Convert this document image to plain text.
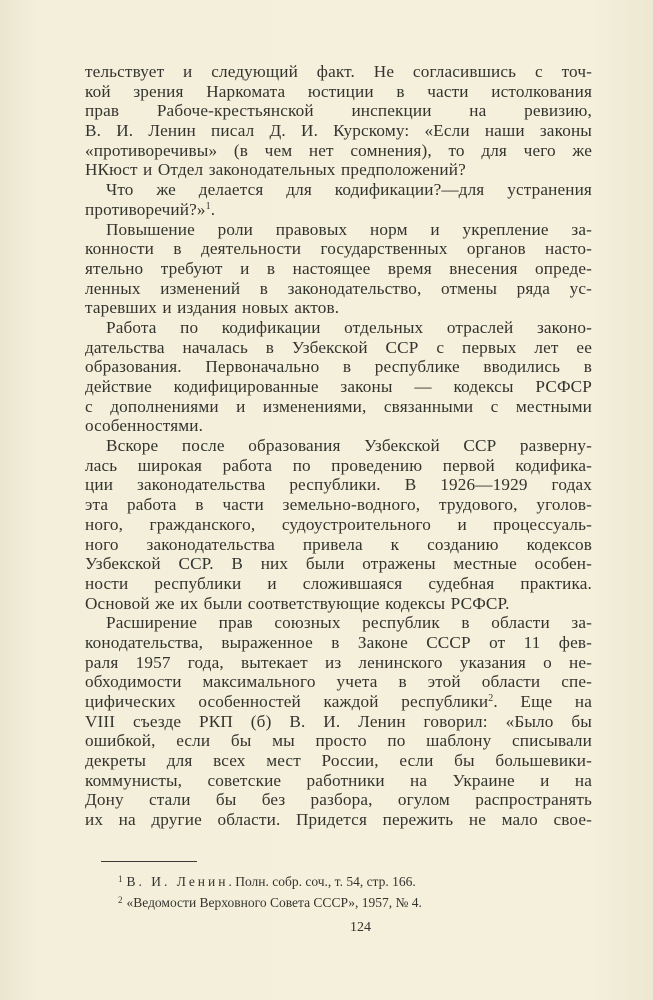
тельствует и следующий факт. Не согласившись с точ-
кой зрения Наркомата юстиции в части истолкования
прав Рабоче-крестьянской инспекции на ревизию,
В. И. Ленин писал Д. И. Курскому: «Если наши законы
«противоречивы» (в чем нет сомнения), то для чего же
НКюст и Отдел законодательных предположений?
Что же делается для кодификации?—для устранения
противоречий?»$^1$.
Повышение роли правовых норм и укрепление за-
конности в деятельности государственных органов насто-
ятельно требуют и в настоящее время внесения опреде-
ленных изменений в законодательство, отмены ряда ус-
таревших и издания новых актов.
Работа по кодификации отдельных отраслей законо-
дательства началась в Узбекской ССР с первых лет ее
образования. Первоначально в республике вводились в
действие кодифицированные законы — кодексы РСФСР
с дополнениями и изменениями, связанными с местными
особенностями.
Вскоре после образования Узбекской ССР разверну-
лась широкая работа по проведению первой кодифика-
ции законодательства республики. В 1926—1929 годах
эта работа в части земельно-водного, трудового, уголов-
ного, гражданского, судоустроительного и процессуаль-
ного законодательства привела к созданию кодексов
Узбекской ССР. В них были отражены местные особен-
ности республики и сложившаяся судебная практика.
Основой же их были соответствующие кодексы РСФСР.
Расширение прав союзных республик в области за-
конодательства, выраженное в Законе СССР от 11 фев-
раля 1957 года, вытекает из ленинского указания о не-
обходимости максимального учета в этой области спе-
цифических особенностей каждой республики$^2$. Еще на
VIII съезде РКП (б) В. И. Ленин говорил: «Было бы
ошибкой, если бы мы просто по шаблону списывали
декреты для всех мест России, если бы большевики-
коммунисты, советские работники на Украине и на
Дону стали бы без разбора, огулом распространять
их на другие области. Придется пережить не мало свое-
$^1$ В. И. Ленин. Полн. собр. соч., т. 54, стр. 166.
$^2$ «Ведомости Верховного Совета СССР», 1957, № 4.
124
